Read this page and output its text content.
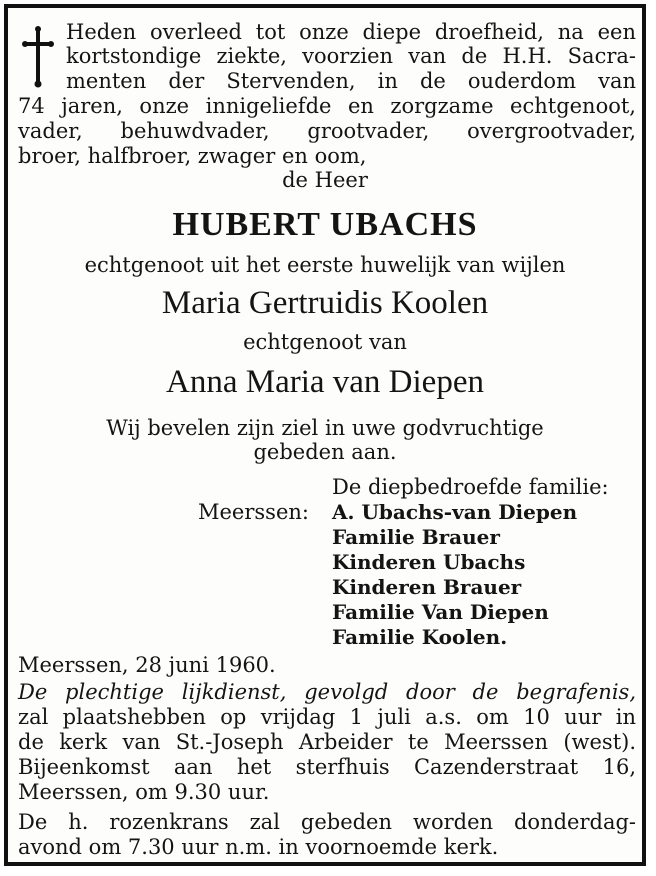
Heden overleed tot onze diepe droefheid, na een
kortstondige ziekte, voorzien van de H.H. Sacra-
menten der Stervenden, in de ouderdom van
74 jaren, onze innigeliefde en zorgzame echtgenoot,
vader, behuwdvader, grootvader, overgrootvader,
broer, halfbroer, zwager en oom,
de Heer
HUBERT UBACHS
echtgenoot uit het eerste huwelijk van wijlen
Maria Gertruidis Koolen
echtgenoot van
Anna Maria van Diepen
Wij bevelen zijn ziel in uwe godvruchtige
gebeden aan.
De diepbedroefde familie:
Meerssen: A. Ubachs-van Diepen
Familie Brauer
Kinderen Ubachs
Kinderen Brauer
Familie Van Diepen
Familie Koolen.
Meerssen, 28 juni 1960.
De plechtige lijkdienst, gevolgd door de begrafenis,
zal plaatshebben op vrijdag 1 juli a.s. om 10 uur in
de kerk van St.-Joseph Arbeider te Meerssen (west).
Bijeenkomst aan het sterfhuis Cazenderstraat 16,
Meerssen, om 9.30 uur.
De h. rozenkrans zal gebeden worden donderdag-
avond om 7.30 uur n.m. in voornoemde kerk.
